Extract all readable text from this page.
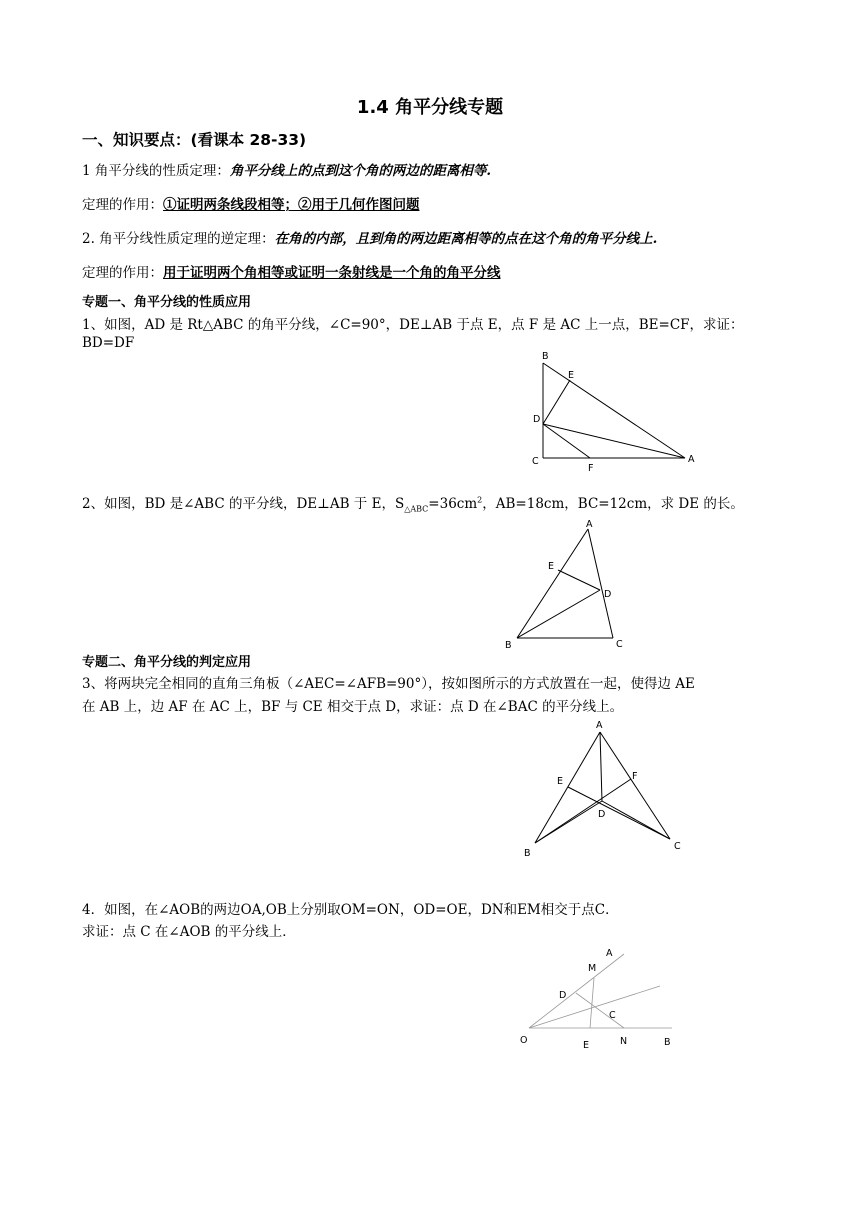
1.4 角平分线专题
一、知识要点：(看课本 28-33)
1 角平分线的性质定理：角平分线上的点到这个角的两边的距离相等.
定理的作用：①证明两条线段相等；②用于几何作图问题
2. 角平分线性质定理的逆定理：在角的内部，且到角的两边距离相等的点在这个角的角平分线上.
定理的作用：用于证明两个角相等或证明一条射线是一个角的角平分线
专题一、角平分线的性质应用
1、如图，AD 是 Rt△ABC 的角平分线，∠C=90°，DE⊥AB 于点 E，点 F 是 AC 上一点，BE=CF，求证：
BD=DF
B
E
D
C
F
A
2、如图，BD 是∠ABC 的平分线，DE⊥AB 于 E，$S_{\triangle ABC}=36cm^2$，AB=18cm，BC=12cm，求 DE 的长。
A
E
D
B	C
专题二、角平分线的判定应用
3、将两块完全相同的直角三角板（∠AEC=∠AFB=90°），按如图所示的方式放置在一起，使得边 AE
在 AB 上，边 AF 在 AC 上，BF 与 CE 相交于点 D，求证：点 D 在∠BAC 的平分线上。
A
E	F
D
B
C
4．如图，在∠AOB的两边OA,OB上分别取OM=ON，OD=OE，DN和EM相交于点C．
求证：点 C 在∠AOB 的平分线上．
A
M
D
C
O	E	N	B
